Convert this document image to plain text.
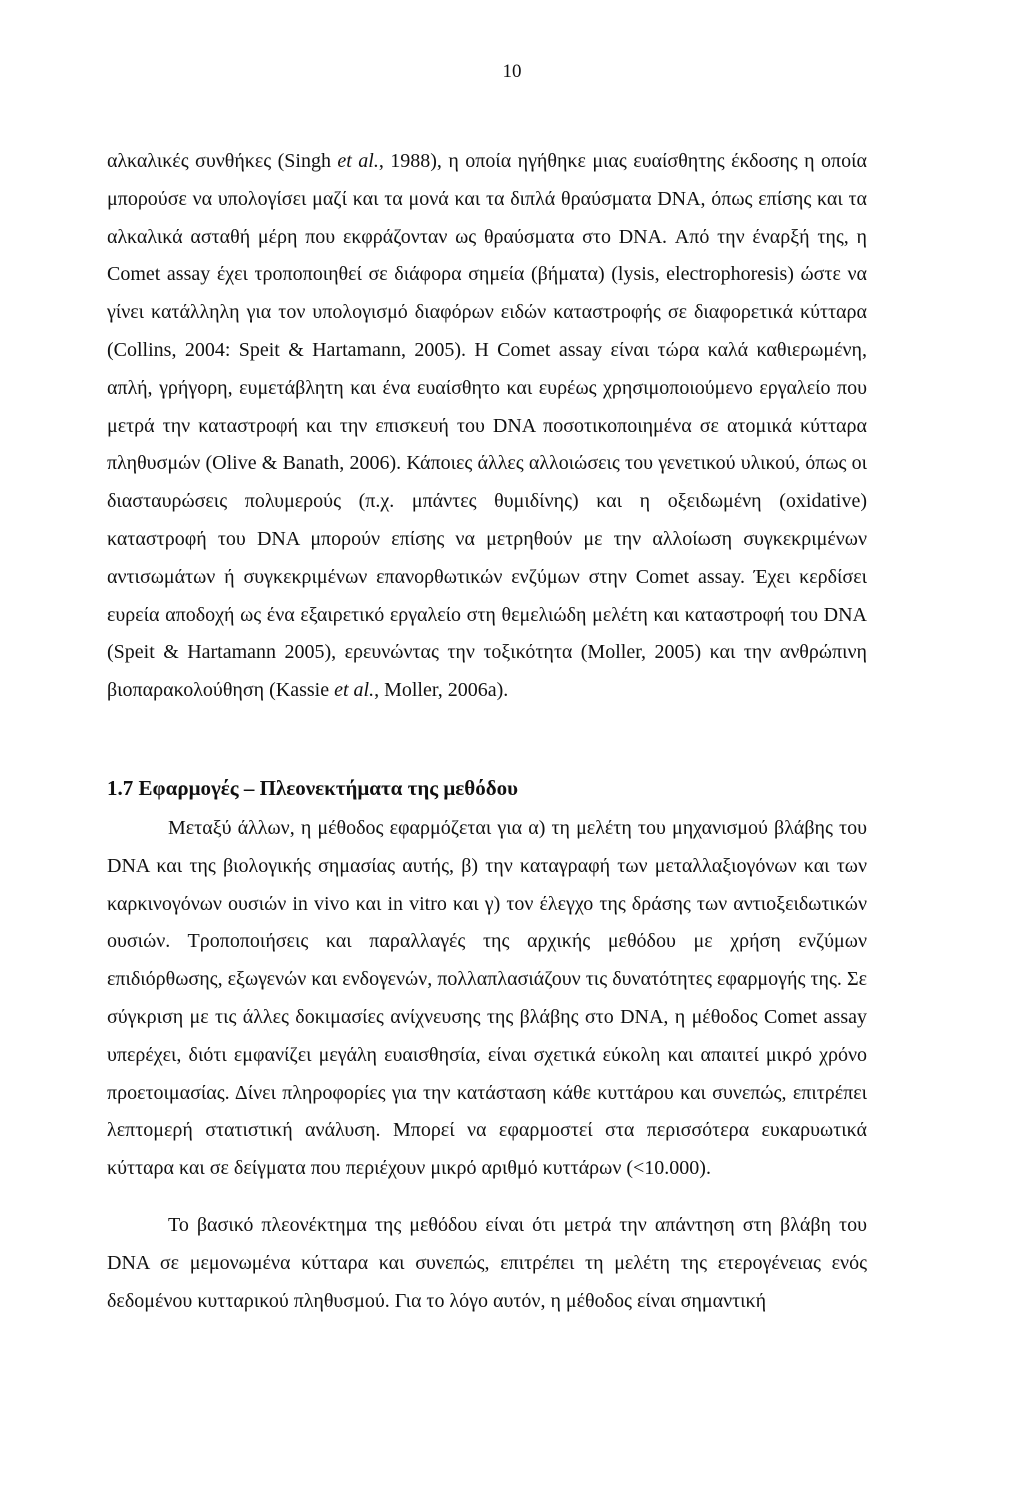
10

αλκαλικές συνθήκες (Singh et al., 1988), η οποία ηγήθηκε μιας ευαίσθητης έκδοσης η οποία μπορούσε να υπολογίσει μαζί και τα μονά και τα διπλά θραύσματα DNA, όπως επίσης και τα αλκαλικά ασταθή μέρη που εκφράζονταν ως θραύσματα στο DNA. Από την έναρξή της, η Comet assay έχει τροποποιηθεί σε διάφορα σημεία (βήματα) (lysis, electrophoresis) ώστε να γίνει κατάλληλη για τον υπολογισμό διαφόρων ειδών καταστροφής σε διαφορετικά κύτταρα (Collins, 2004: Speit & Hartamann, 2005). Η Comet assay είναι τώρα καλά καθιερωμένη, απλή, γρήγορη, ευμετάβλητη και ένα ευαίσθητο και ευρέως χρησιμοποιούμενο εργαλείο που μετρά την καταστροφή και την επισκευή του DNA ποσοτικοποιημένα σε ατομικά κύτταρα πληθυσμών (Olive & Banath, 2006). Κάποιες άλλες αλλοιώσεις του γενετικού υλικού, όπως οι διασταυρώσεις πολυμερούς (π.χ. μπάντες θυμιδίνης) και η οξειδωμένη (oxidative) καταστροφή του DNA μπορούν επίσης να μετρηθούν με την αλλοίωση συγκεκριμένων αντισωμάτων ή συγκεκριμένων επανορθωτικών ενζύμων στην Comet assay. Έχει κερδίσει ευρεία αποδοχή ως ένα εξαιρετικό εργαλείο στη θεμελιώδη μελέτη και καταστροφή του DNA (Speit & Hartamann 2005), ερευνώντας την τοξικότητα (Moller, 2005) και την ανθρώπινη βιοπαρακολούθηση (Kassie et al., Moller, 2006a).

1.7 Εφαρμογές – Πλεονεκτήματα της μεθόδου

Μεταξύ άλλων, η μέθοδος εφαρμόζεται για α) τη μελέτη του μηχανισμού βλάβης του DNA και της βιολογικής σημασίας αυτής, β) την καταγραφή των μεταλλαξιογόνων και των καρκινογόνων ουσιών in vivo και in vitro και γ) τον έλεγχο της δράσης των αντιοξειδωτικών ουσιών. Τροποποιήσεις και παραλλαγές της αρχικής μεθόδου με χρήση ενζύμων επιδιόρθωσης, εξωγενών και ενδογενών, πολλαπλασιάζουν τις δυνατότητες εφαρμογής της. Σε σύγκριση με τις άλλες δοκιμασίες ανίχνευσης της βλάβης στο DNA, η μέθοδος Comet assay υπερέχει, διότι εμφανίζει μεγάλη ευαισθησία, είναι σχετικά εύκολη και απαιτεί μικρό χρόνο προετοιμασίας. Δίνει πληροφορίες για την κατάσταση κάθε κυττάρου και συνεπώς, επιτρέπει λεπτομερή στατιστική ανάλυση. Μπορεί να εφαρμοστεί στα περισσότερα ευκαρυωτικά κύτταρα και σε δείγματα που περιέχουν μικρό αριθμό κυττάρων (<10.000).

Το βασικό πλεονέκτημα της μεθόδου είναι ότι μετρά την απάντηση στη βλάβη του DNA σε μεμονωμένα κύτταρα και συνεπώς, επιτρέπει τη μελέτη της ετερογένειας ενός δεδομένου κυτταρικού πληθυσμού. Για το λόγο αυτόν, η μέθοδος είναι σημαντική
